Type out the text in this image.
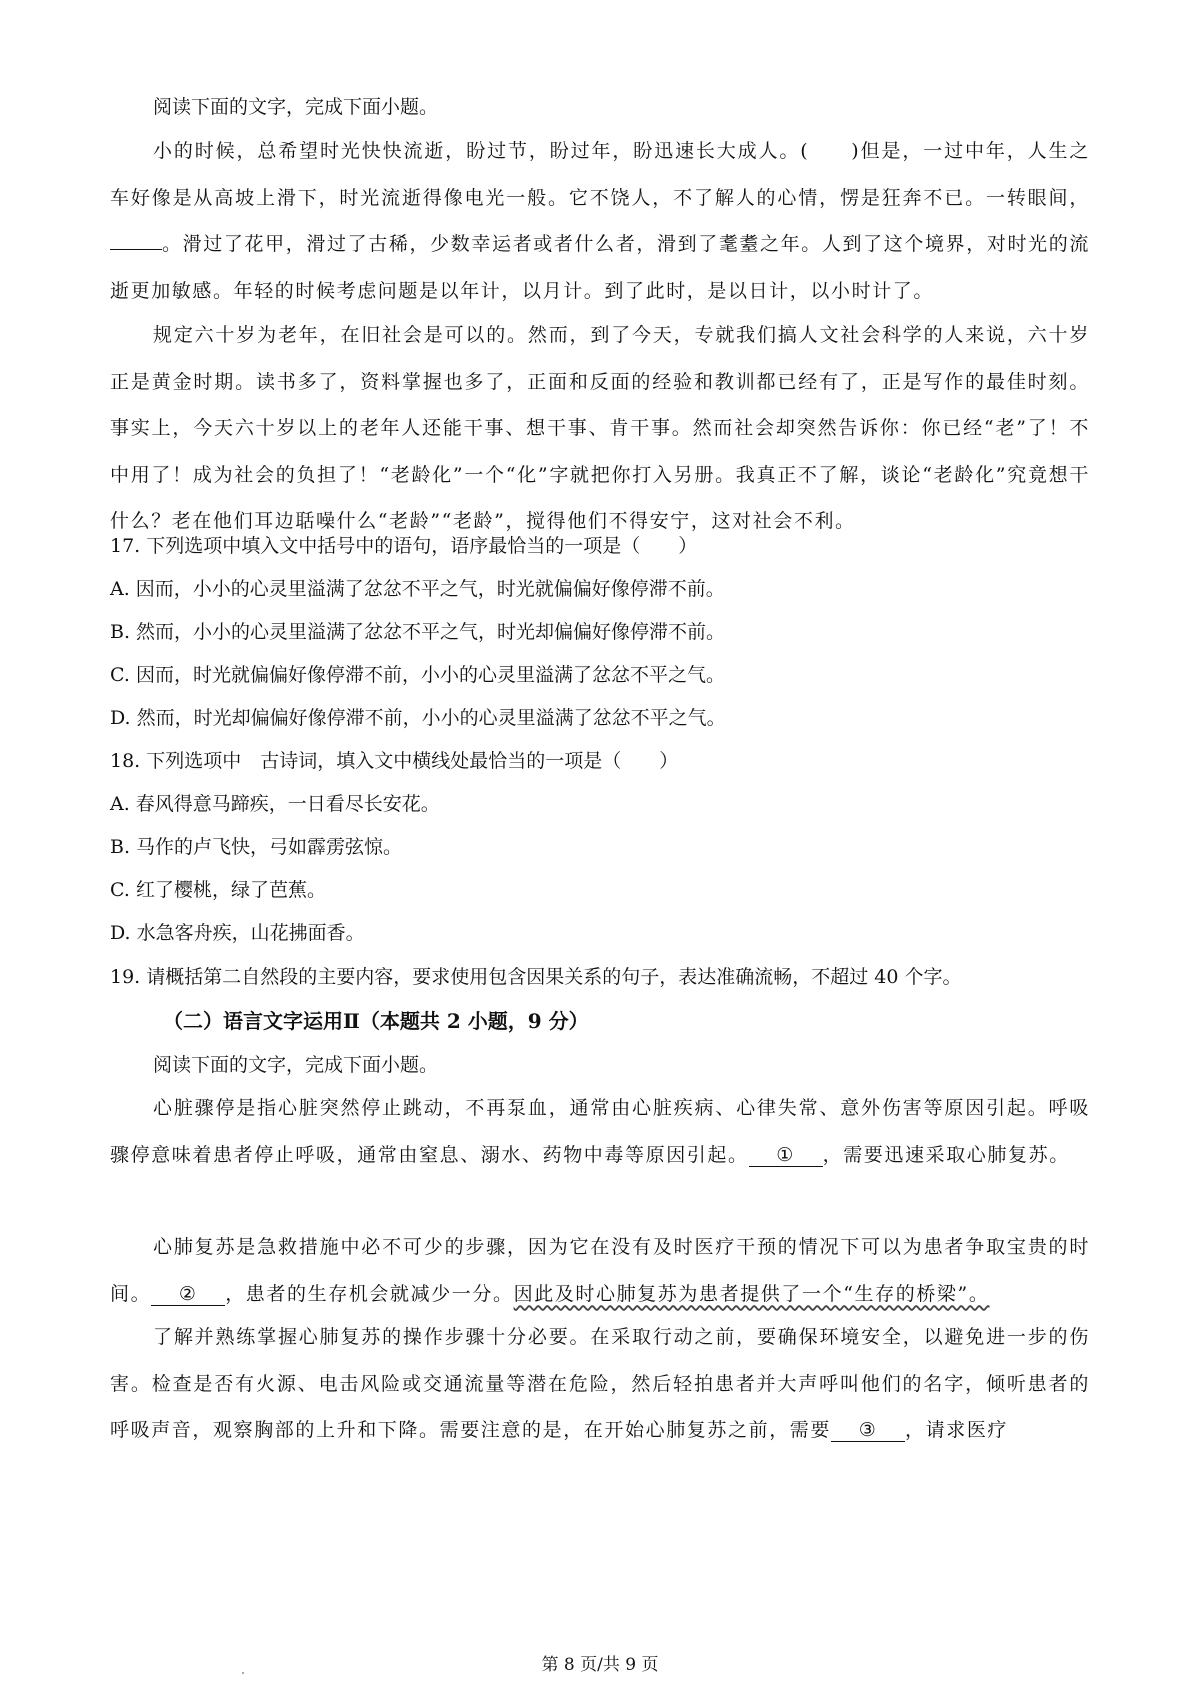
阅读下面的文字，完成下面小题。
小的时候，总希望时光快快流逝，盼过节，盼过年，盼迅速长大成人。(　　)但是，一过中年，人生之车好像是从高坡上滑下，时光流逝得像电光一般。它不饶人，不了解人的心情，愣是狂奔不已。一转眼间，。滑过了花甲，滑过了古稀，少数幸运者或者什么者，滑到了耄耋之年。人到了这个境界，对时光的流逝更加敏感。年轻的时候考虑问题是以年计，以月计。到了此时，是以日计，以小时计了。
规定六十岁为老年，在旧社会是可以的。然而，到了今天，专就我们搞人文社会科学的人来说，六十岁正是黄金时期。读书多了，资料掌握也多了，正面和反面的经验和教训都已经有了，正是写作的最佳时刻。事实上，今天六十岁以上的老年人还能干事、想干事、肯干事。然而社会却突然告诉你：你已经“老”了！不中用了！成为社会的负担了！“老龄化”一个“化”字就把你打入另册。我真正不了解，谈论“老龄化”究竟想干什么？老在他们耳边聒噪什么“老龄”“老龄”，搅得他们不得安宁，这对社会不利。
17. 下列选项中填入文中括号中的语句，语序最恰当的一项是（　　）
A. 因而，小小的心灵里溢满了忿忿不平之气，时光就偏偏好像停滞不前。
B. 然而，小小的心灵里溢满了忿忿不平之气，时光却偏偏好像停滞不前。
C. 因而，时光就偏偏好像停滞不前，小小的心灵里溢满了忿忿不平之气。
D. 然而，时光却偏偏好像停滞不前，小小的心灵里溢满了忿忿不平之气。
18. 下列选项中　古诗词，填入文中横线处最恰当的一项是（　　）
A. 春风得意马蹄疾，一日看尽长安花。
B. 马作的卢飞快，弓如霹雳弦惊。
C. 红了樱桃，绿了芭蕉。
D. 水急客舟疾，山花拂面香。
19. 请概括第二自然段的主要内容，要求使用包含因果关系的句子，表达准确流畅，不超过 40 个字。
（二）语言文字运用Ⅱ（本题共 2 小题，9 分）
阅读下面的文字，完成下面小题。
心脏骤停是指心脏突然停止跳动，不再泵血，通常由心脏疾病、心律失常、意外伤害等原因引起。呼吸骤停意味着患者停止呼吸，通常由窒息、溺水、药物中毒等原因引起。 ① ，需要迅速采取心肺复苏。
心肺复苏是急救措施中必不可少的步骤，因为它在没有及时医疗干预的情况下可以为患者争取宝贵的时间。 ② ，患者的生存机会就减少一分。因此及时心肺复苏为患者提供了一个“生存的桥梁”。
了解并熟练掌握心肺复苏的操作步骤十分必要。在采取行动之前，要确保环境安全，以避免进一步的伤害。检查是否有火源、电击风险或交通流量等潜在危险，然后轻拍患者并大声呼叫他们的名字，倾听患者的呼吸声音，观察胸部的上升和下降。需要注意的是，在开始心肺复苏之前，需要 ③ ，请求医疗
第 8 页/共 9 页
